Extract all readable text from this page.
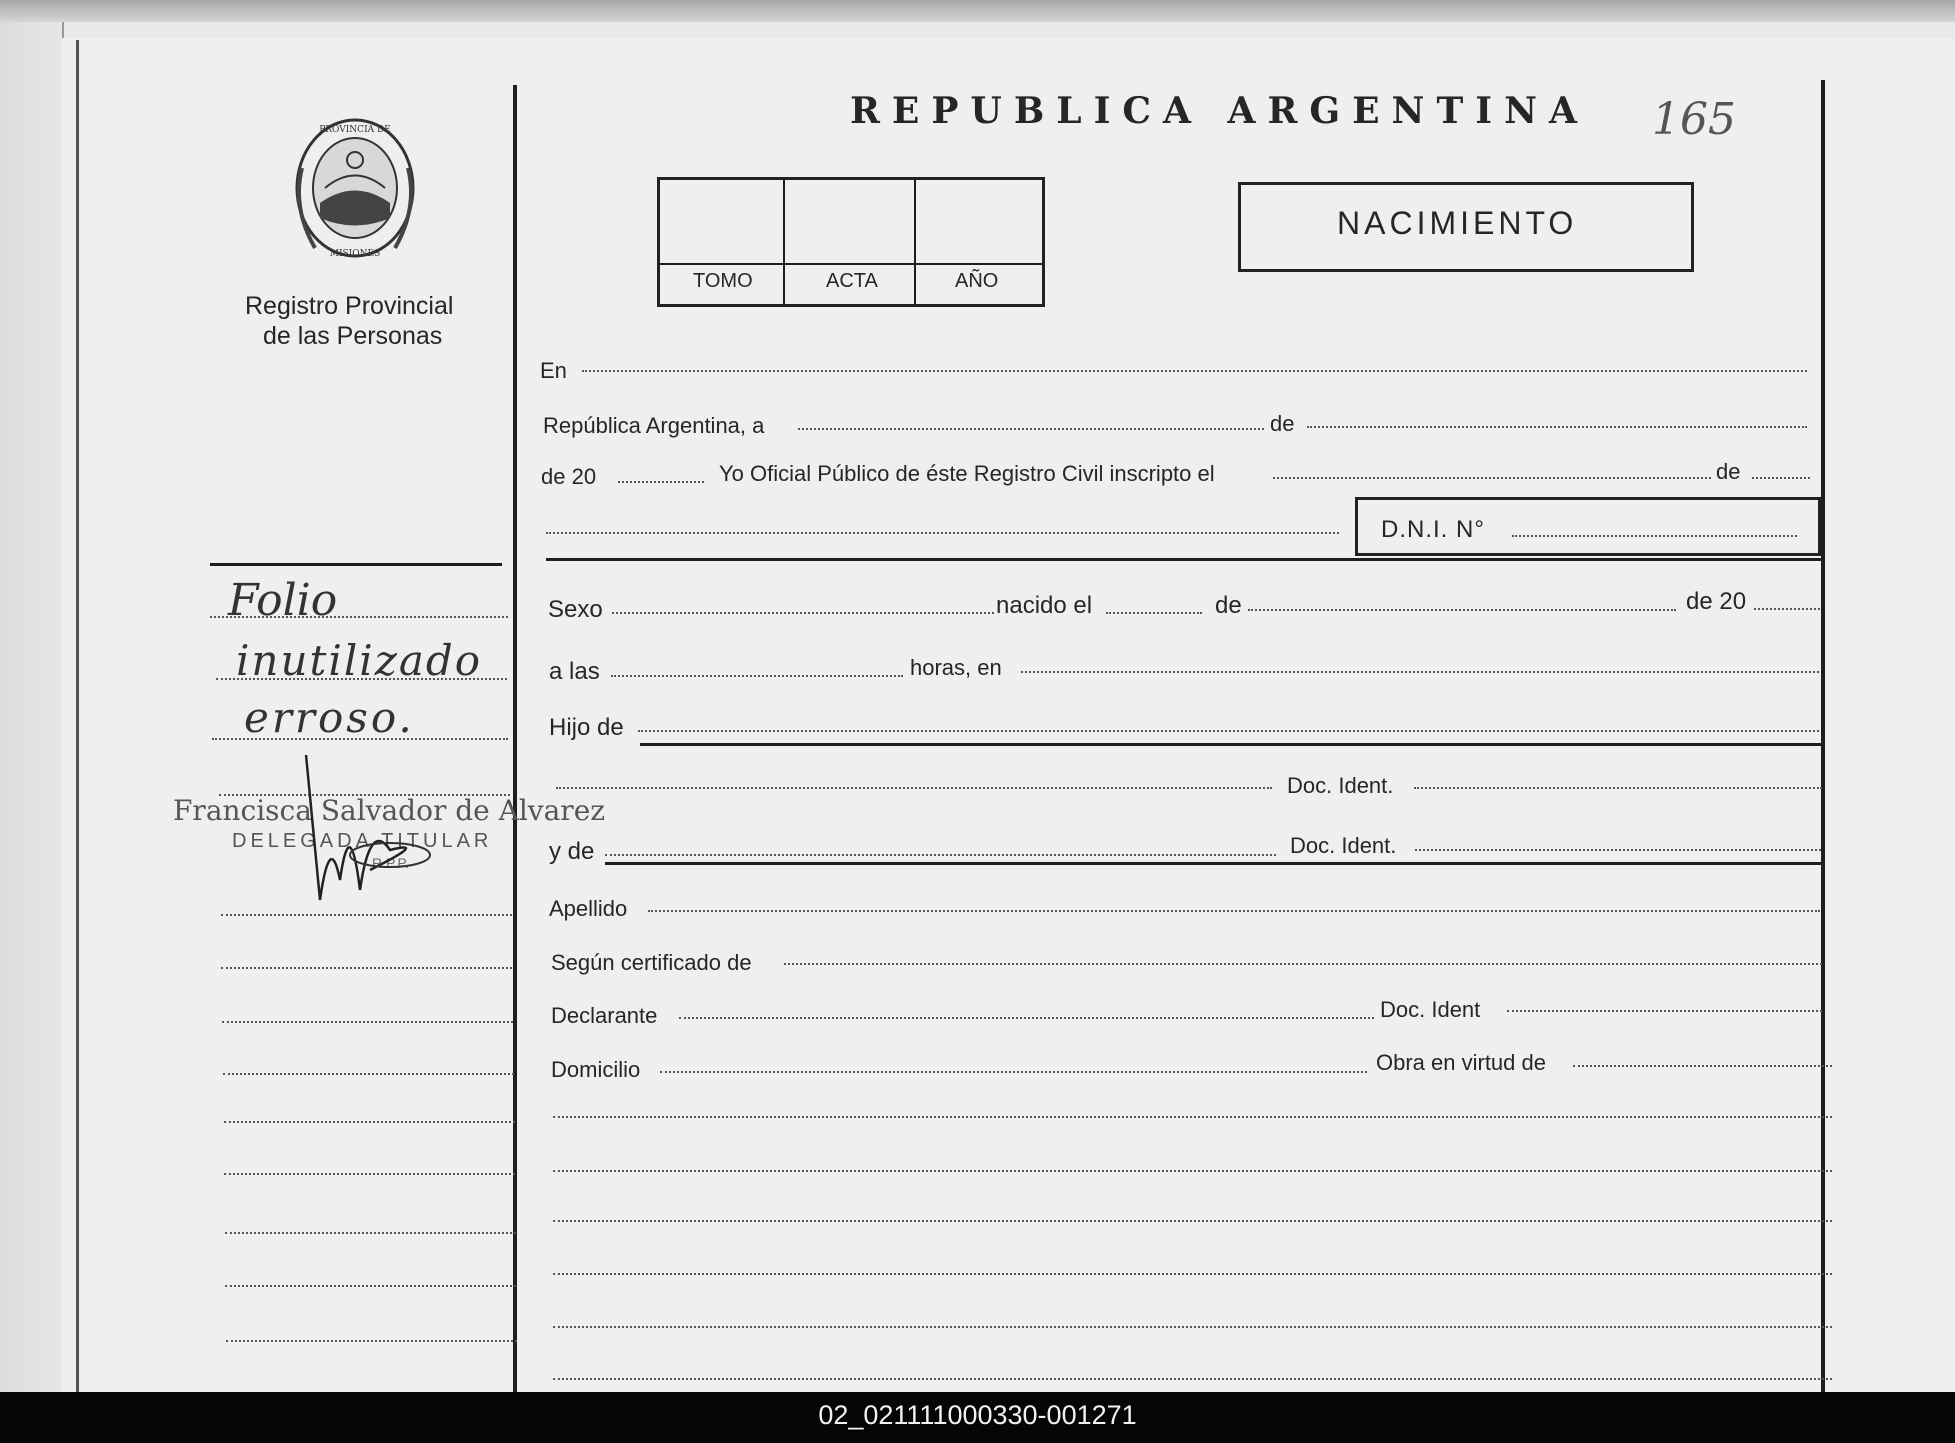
PROVINCIA DE
MISIONES
Registro Provincial
de las Personas
REPUBLICA ARGENTINA 165
TOMO	ACTA	AÑO
NACIMIENTO
En
República Argentina, a	de
de 20	Yo Oficial Público de éste Registro Civil inscripto el	de
D.N.I. N°
Sexo	nacido el	de	de 20
a las	horas, en
Hijo de
Doc. Ident.
y de	Doc. Ident.
Apellido
Según certificado de
Declarante	Doc. Ident
Domicilio	Obra en virtud de
Folio
inutilizado
erroso.
Francisca Salvador de Alvarez
DELEGADA TITULAR
R.P.P.
02_021111000330-001271
